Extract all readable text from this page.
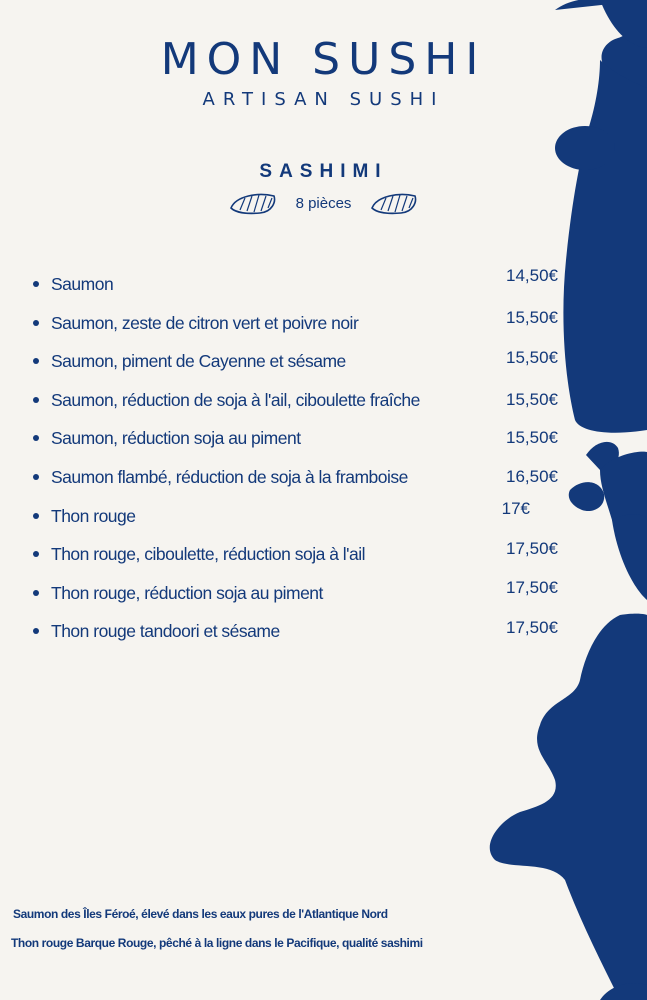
MON SUSHI
ARTISAN SUSHI
SASHIMI
8 pièces
Saumon	14,50€
Saumon, zeste de citron vert et poivre noir	15,50€
Saumon, piment de Cayenne et sésame	15,50€
Saumon, réduction de soja à l'ail, ciboulette fraîche	15,50€
Saumon, réduction soja au piment	15,50€
Saumon flambé, réduction de soja à la framboise	16,50€
Thon rouge	17€
Thon rouge, ciboulette, réduction soja à l'ail	17,50€
Thon rouge, réduction soja au piment	17,50€
Thon rouge tandoori et sésame	17,50€
Saumon des Îles Féroé, élevé dans les eaux pures de l'Atlantique Nord
Thon rouge Barque Rouge, pêché à la ligne dans le Pacifique, qualité sashimi
